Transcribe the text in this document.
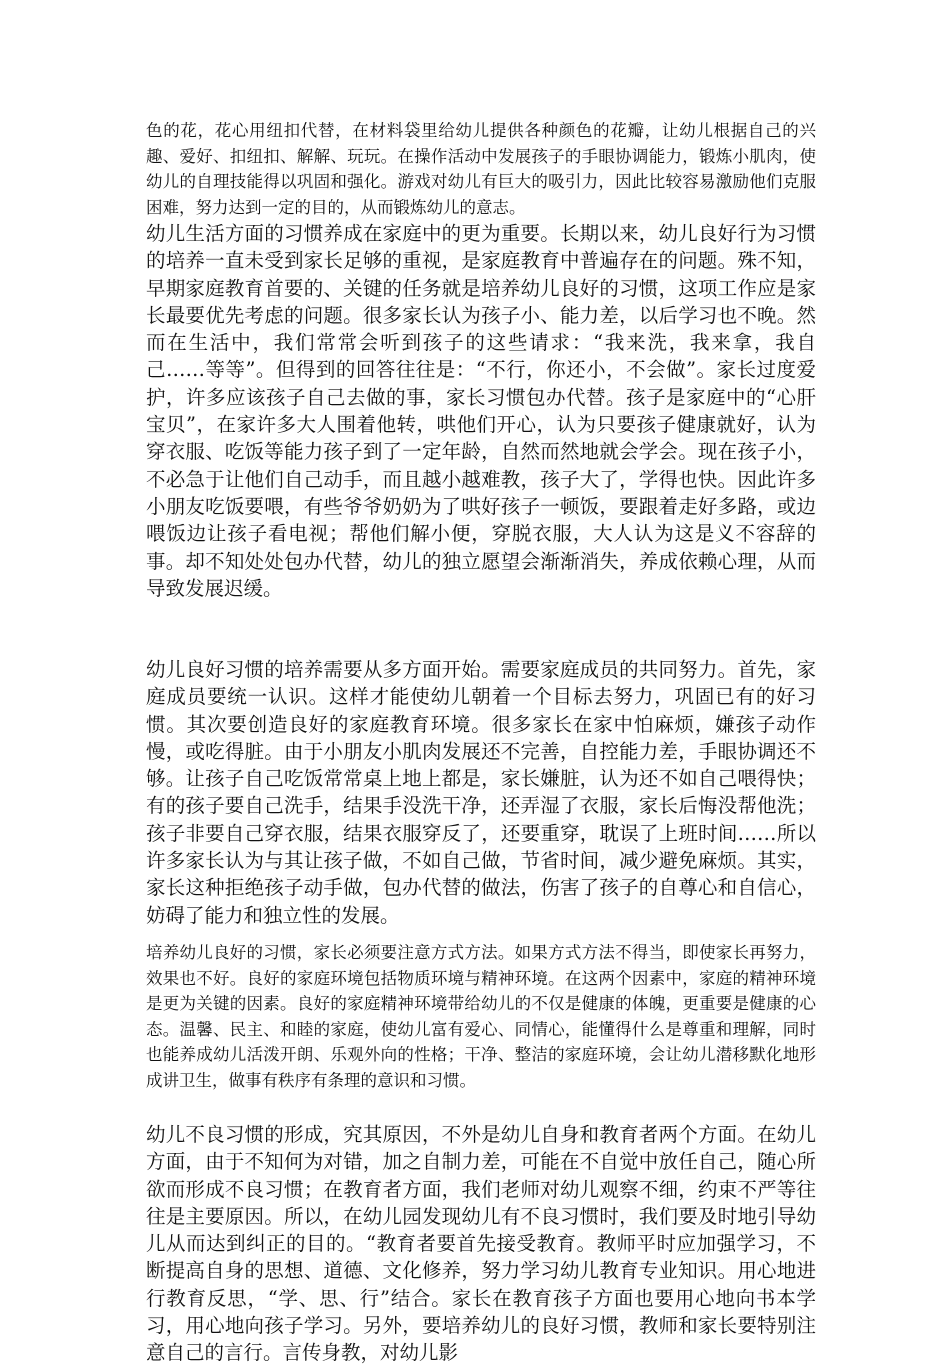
色的花，花心用纽扣代替，在材料袋里给幼儿提供各种颜色的花瓣，让幼儿根据自己的兴趣、爱好、扣纽扣、解解、玩玩。在操作活动中发展孩子的手眼协调能力，锻炼小肌肉，使幼儿的自理技能得以巩固和强化。游戏对幼儿有巨大的吸引力，因此比较容易激励他们克服困难，努力达到一定的目的，从而锻炼幼儿的意志。

幼儿生活方面的习惯养成在家庭中的更为重要。长期以来，幼儿良好行为习惯的培养一直未受到家长足够的重视，是家庭教育中普遍存在的问题。殊不知，早期家庭教育首要的、关键的任务就是培养幼儿良好的习惯，这项工作应是家长最要优先考虑的问题。很多家长认为孩子小、能力差，以后学习也不晚。然而在生活中，我们常常会听到孩子的这些请求：“我来洗，我来拿，我自己……等等”。但得到的回答往往是：“不行，你还小，不会做”。家长过度爱护，许多应该孩子自己去做的事，家长习惯包办代替。孩子是家庭中的“心肝宝贝”，在家许多大人围着他转，哄他们开心，认为只要孩子健康就好，认为穿衣服、吃饭等能力孩子到了一定年龄，自然而然地就会学会。现在孩子小，不必急于让他们自己动手，而且越小越难教，孩子大了，学得也快。因此许多小朋友吃饭要喂，有些爷爷奶奶为了哄好孩子一顿饭，要跟着走好多路，或边喂饭边让孩子看电视；帮他们解小便，穿脱衣服，大人认为这是义不容辞的事。却不知处处包办代替，幼儿的独立愿望会渐渐消失，养成依赖心理，从而导致发展迟缓。

幼儿良好习惯的培养需要从多方面开始。需要家庭成员的共同努力。首先，家庭成员要统一认识。这样才能使幼儿朝着一个目标去努力，巩固已有的好习惯。其次要创造良好的家庭教育环境。很多家长在家中怕麻烦，嫌孩子动作慢，或吃得脏。由于小朋友小肌肉发展还不完善，自控能力差，手眼协调还不够。让孩子自己吃饭常常桌上地上都是，家长嫌脏，认为还不如自己喂得快；有的孩子要自己洗手，结果手没洗干净，还弄湿了衣服，家长后悔没帮他洗；孩子非要自己穿衣服，结果衣服穿反了，还要重穿，耽误了上班时间……所以许多家长认为与其让孩子做，不如自己做，节省时间，减少避免麻烦。其实，家长这种拒绝孩子动手做，包办代替的做法，伤害了孩子的自尊心和自信心，妨碍了能力和独立性的发展。

培养幼儿良好的习惯，家长必须要注意方式方法。如果方式方法不得当，即使家长再努力，效果也不好。良好的家庭环境包括物质环境与精神环境。在这两个因素中，家庭的精神环境是更为关键的因素。良好的家庭精神环境带给幼儿的不仅是健康的体魄，更重要是健康的心态。温馨、民主、和睦的家庭，使幼儿富有爱心、同情心，能懂得什么是尊重和理解，同时也能养成幼儿活泼开朗、乐观外向的性格；干净、整洁的家庭环境，会让幼儿潜移默化地形成讲卫生，做事有秩序有条理的意识和习惯。

幼儿不良习惯的形成，究其原因，不外是幼儿自身和教育者两个方面。在幼儿方面，由于不知何为对错，加之自制力差，可能在不自觉中放任自己，随心所欲而形成不良习惯；在教育者方面，我们老师对幼儿观察不细，约束不严等往往是主要原因。所以，在幼儿园发现幼儿有不良习惯时，我们要及时地引导幼儿从而达到纠正的目的。“教育者要首先接受教育。教师平时应加强学习，不断提高自身的思想、道德、文化修养，努力学习幼儿教育专业知识。用心地进行教育反思，“学、思、行”结合。家长在教育孩子方面也要用心地向书本学习，用心地向孩子学习。另外，要培养幼儿的良好习惯，教师和家长要特别注意自己的言行。言传身教，对幼儿影
